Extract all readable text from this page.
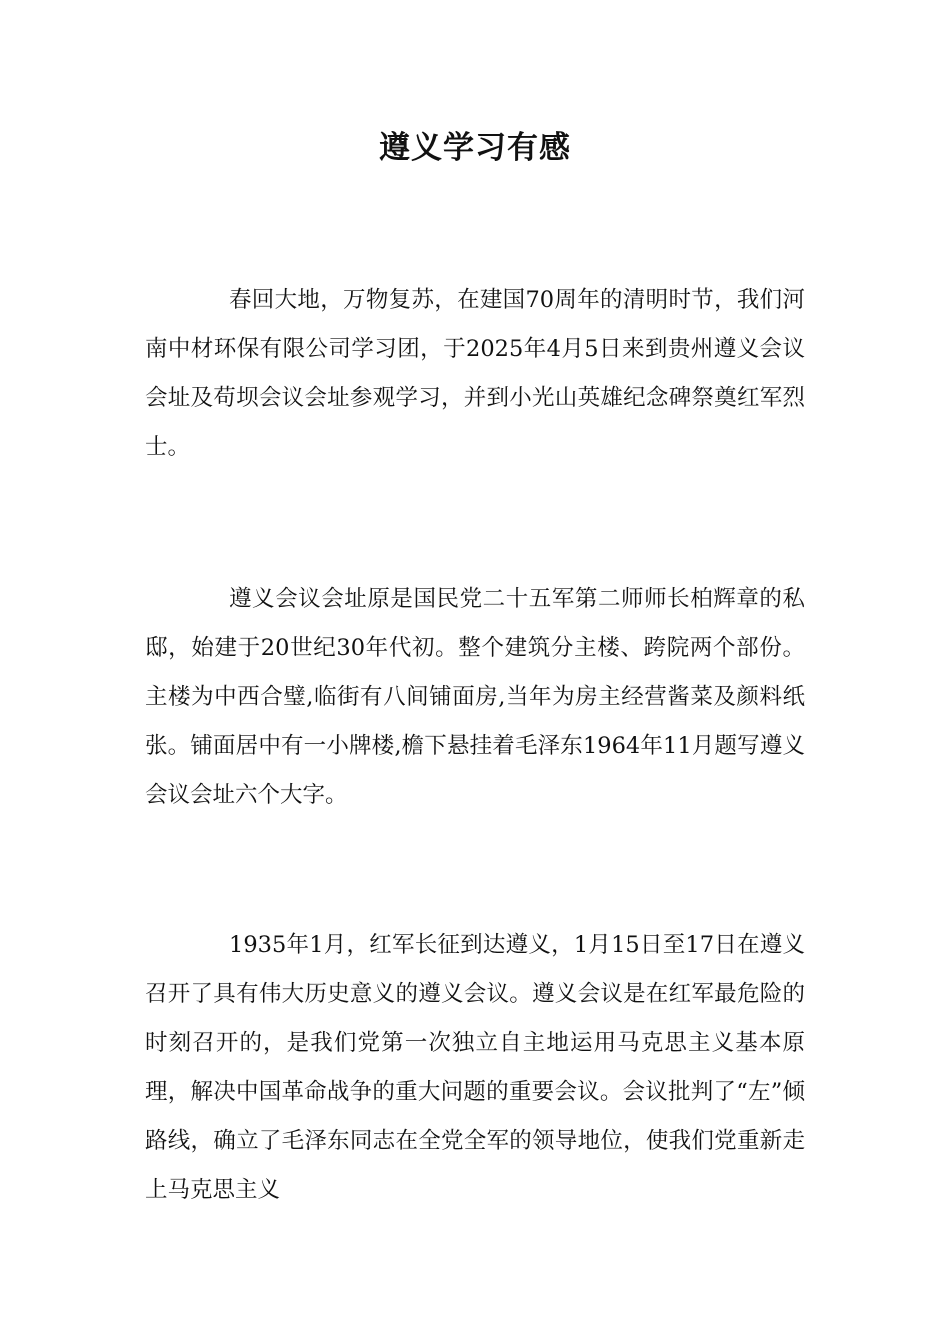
遵义学习有感

春回大地，万物复苏，在建国70周年的清明时节，我们河南中材环保有限公司学习团，于2025年4月5日来到贵州遵义会议会址及苟坝会议会址参观学习，并到小光山英雄纪念碑祭奠红军烈士。

遵义会议会址原是国民党二十五军第二师师长柏辉章的私邸，始建于20世纪30年代初。整个建筑分主楼、跨院两个部份。主楼为中西合璧,临街有八间铺面房,当年为房主经营酱菜及颜料纸张。铺面居中有一小牌楼,檐下悬挂着毛泽东1964年11月题写遵义会议会址六个大字。

1935年1月，红军长征到达遵义，1月15日至17日在遵义召开了具有伟大历史意义的遵义会议。遵义会议是在红军最危险的时刻召开的，是我们党第一次独立自主地运用马克思主义基本原理，解决中国革命战争的重大问题的重要会议。会议批判了“左”倾路线，确立了毛泽东同志在全党全军的领导地位，使我们党重新走上马克思主义
